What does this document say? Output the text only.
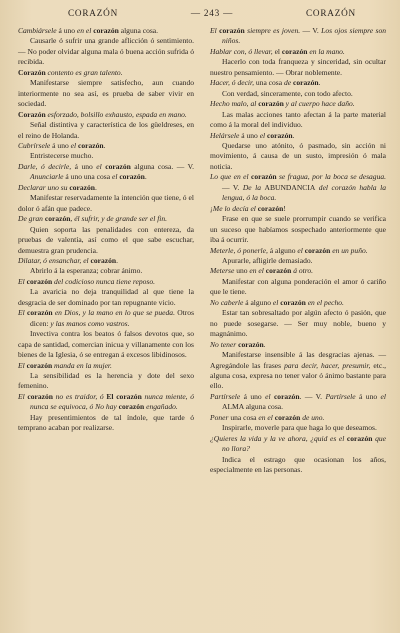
CORAZÓN	— 243 —	CORAZÓN

Cambiársele á uno en el corazón alguna cosa.

Causarle ó sufrir una grande aflicción ó sentimiento. — No poder olvidar alguna mala ó buena acción sufrida ó recibida.

Corazón contento es gran talento.

Manifestarse siempre satisfecho, aun cuando interiormente no sea así, es prueba de saber vivir en sociedad.

Corazón esforzado, bolsillo exhausto, espada en mano.

Señal distintiva y característica de los güeldreses, en el reino de Holanda.

Cubrírsele á uno el corazón.

Entristecerse mucho.

Darle, ó decirle, á uno el corazón alguna cosa. — V. Anunciarle á uno una cosa el corazón.

Declarar uno su corazón.

Manifestar reservadamente la intención que tiene, ó el dolor ó afán que padece.

De gran corazón, él sufrir, y de grande ser el fin.

Quien soporta las penalidades con entereza, da pruebas de valentía, así como el que sabe escuchar, demuestra gran prudencia.

Dilatar, ó ensanchar, el corazón.

Abrirlo á la esperanza; cobrar ánimo.

El corazón del codicioso nunca tiene reposo.

La avaricia no deja tranquilidad al que tiene la desgracia de ser dominado por tan repugnante vicio.

El corazón en Dios, y la mano en lo que se pueda. Otros dicen: y las manos como vastros.

Invectiva contra los beatos ó falsos devotos que, so capa de santidad, comercian inicua y villanamente con los bienes de la Iglesia, ó se entregan á excesos libidinosos.

El corazón manda en la mujer.

La sensibilidad es la herencia y dote del sexo femenino.

El corazón no es traidor, ó El corazón nunca miente, ó nunca se equivoca, ó No hay corazón engañado.

Hay presentimientos de tal índole, que tarde ó temprano acaban por realizarse.

El corazón siempre es joven. — V. Los ojos siempre son niños.

Hablar con, ó llevar, el corazón en la mano.

Hacerlo con toda franqueza y sinceridad, sin ocultar nuestro pensamiento. — Obrar noblemente.

Hacer, ó decir, una cosa de corazón.

Con verdad, sinceramente, con todo afecto.

Hecho malo, al corazón y al cuerpo hace daño.

Las malas acciones tanto afectan á la parte material como á la moral del individuo.

Helársele á uno el corazón.

Quedarse uno atónito, ó pasmado, sin acción ni movimiento, á causa de un susto, impresión ó mala noticia.

Lo que en el corazón se fragua, por la boca se desagua. — V. De la ABUNDANCIA del corazón habla la lengua, ó la boca.

¡Me lo decía el corazón!

Frase en que se suele prorrumpir cuando se verifica un suceso que habíamos sospechado anteriormente que iba á ocurrir.

Meterle, ó ponerle, á alguno el corazón en un puño.

Apurarle, afligirle demasiado.

Meterse uno en el corazón á otro.

Manifestar con alguna ponderación el amor ó cariño que le tiene.

No caberle á alguno el corazón en el pecho.

Estar tan sobresaltado por algún afecto ó pasión, que no puede sosegarse. — Ser muy noble, bueno y magnánimo.

No tener corazón.

Manifestarse insensible á las desgracias ajenas. — Agregándole las frases para decir, hacer, presumir, etc., alguna cosa, expresa no tener valor ó ánimo bastante para ello.

Partírsele á uno el corazón. — V. Partírsele á uno el ALMA alguna cosa.

Poner una cosa en el corazón de uno.

Inspirarle, moverle para que haga lo que deseamos.

¿Quieres la vida y la ve ahora, ¿quid es el corazón que no llora?

Indica el estrago que ocasionan los años, especialmente en las personas.
